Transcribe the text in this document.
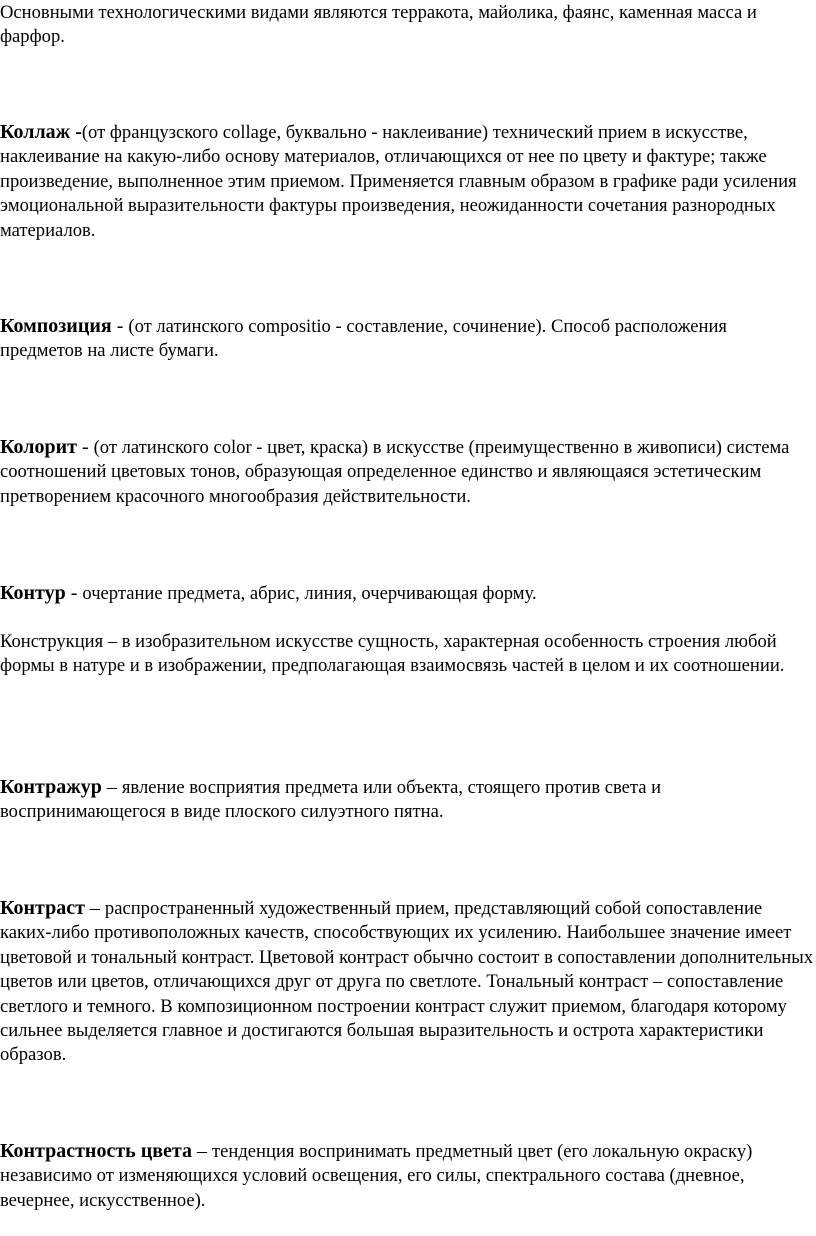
Основными технологическими видами являются терракота, майолика, фаянс, каменная масса и фарфор.

Коллаж -(от французского collage, буквально - наклеивание) технический прием в искусстве, наклеивание на какую-либо основу материалов, отличающихся от нее по цвету и фактуре; также произведение, выполненное этим приемом. Применяется главным образом в графике ради усиления эмоциональной выразительности фактуры произведения, неожиданности сочетания разнородных материалов.

Композиция - (от латинского compositio - составление, сочинение). Способ расположения предметов на листе бумаги.

Колорит - (от латинского color - цвет, краска) в искусстве (преимущественно в живописи) система соотношений цветовых тонов, образующая определенное единство и являющаяся эстетическим претворением красочного многообразия действительности.

Контур - очертание предмета, абрис, линия, очерчивающая форму.

Конструкция – в изобразительном искусстве сущность, характерная особенность строения любой формы в натуре и в изображении, предполагающая взаимосвязь частей в целом и их соотношении.

Контражур – явление восприятия предмета или объекта, стоящего против света и воспринимающегося в виде плоского силуэтного пятна.

Контраст – распространенный художественный прием, представляющий собой сопоставление каких-либо противоположных качеств, способствующих их усилению. Наибольшее значение имеет цветовой и тональный контраст. Цветовой контраст обычно состоит в сопоставлении дополнительных цветов или цветов, отличающихся друг от друга по светлоте. Тональный контраст – сопоставление светлого и темного. В композиционном построении контраст служит приемом, благодаря которому сильнее выделяется главное и достигаются большая выразительность и острота характеристики образов.

Контрастность цвета – тенденция воспринимать предметный цвет (его локальную окраску) независимо от изменяющихся условий освещения, его силы, спектрального состава (дневное, вечернее, искусственное).
